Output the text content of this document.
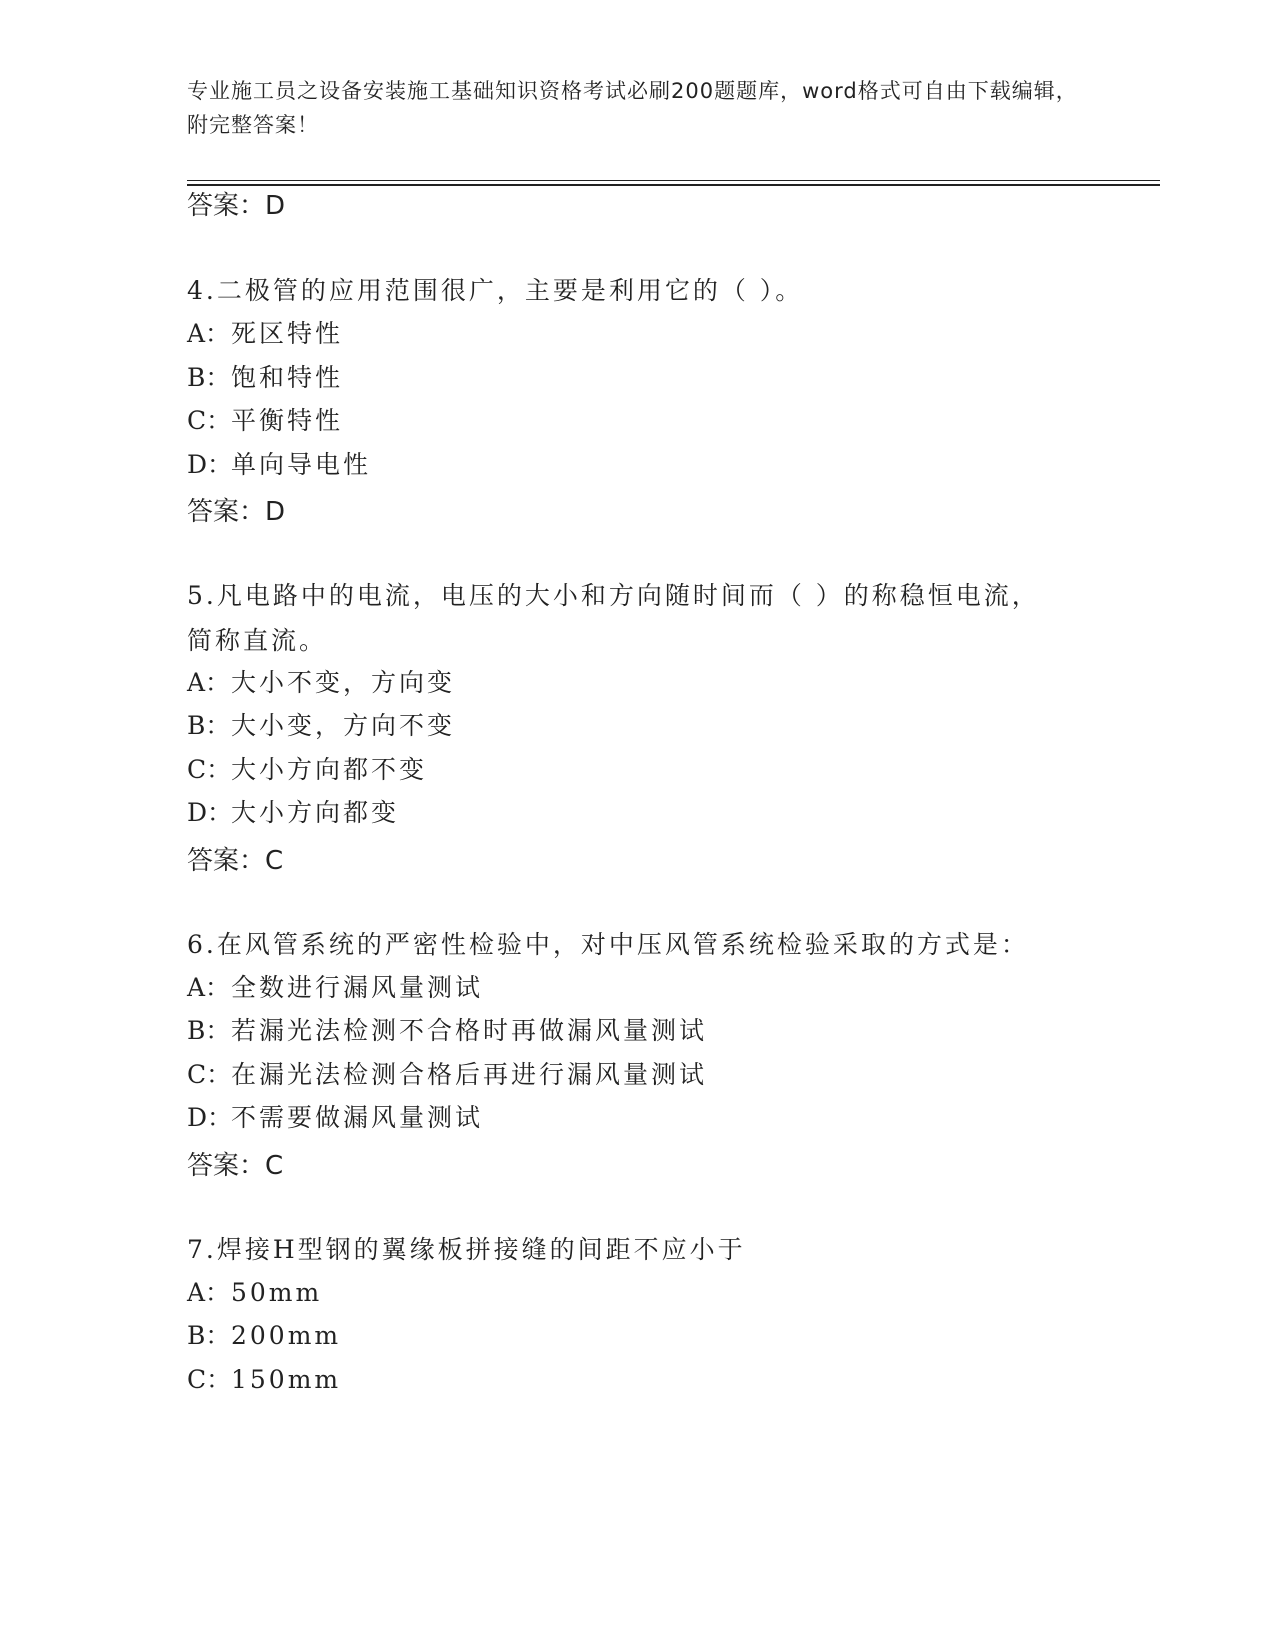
专业施工员之设备安装施工基础知识资格考试必刷200题题库，word格式可自由下载编辑，附完整答案！
答案：D
4.二极管的应用范围很广，主要是利用它的（ ）。
A：死区特性
B：饱和特性
C：平衡特性
D：单向导电性
答案：D
5.凡电路中的电流，电压的大小和方向随时间而（ ）的称稳恒电流，简称直流。
A：大小不变，方向变
B：大小变，方向不变
C：大小方向都不变
D：大小方向都变
答案：C
6.在风管系统的严密性检验中，对中压风管系统检验采取的方式是：
A：全数进行漏风量测试
B：若漏光法检测不合格时再做漏风量测试
C：在漏光法检测合格后再进行漏风量测试
D：不需要做漏风量测试
答案：C
7.焊接H型钢的翼缘板拼接缝的间距不应小于
A：50mm
B：200mm
C：150mm
